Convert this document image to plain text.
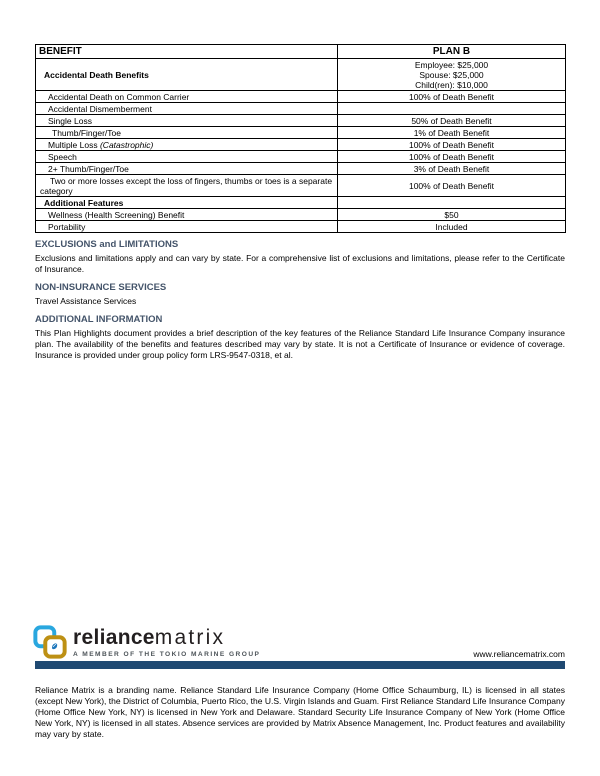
BENEFIT	PLAN B
Accidental Death Benefits	Employee: $25,000
Spouse: $25,000
Child(ren): $10,000

Accidental Death on Common Carrier	100% of Death Benefit
Accidental Dismemberment	
Single Loss	50% of Death Benefit
Thumb/Finger/Toe	1% of Death Benefit
Multiple Loss (Catastrophic)	100% of Death Benefit
Speech	100% of Death Benefit
2+ Thumb/Finger/Toe	3% of Death Benefit
Two or more losses except the loss of fingers, thumbs or toes is a separate category	100% of Death Benefit
Additional Features	
Wellness (Health Screening) Benefit	$50
Portability	Included
EXCLUSIONS and LIMITATIONS

Exclusions and limitations apply and can vary by state. For a comprehensive list of exclusions and limitations, please refer to the Certificate of Insurance.

NON-INSURANCE SERVICES

Travel Assistance Services

ADDITIONAL INFORMATION

This Plan Highlights document provides a brief description of the key features of the Reliance Standard Life Insurance Company insurance plan. The availability of the benefits and features described may vary by state. It is not a Certificate of Insurance or evidence of coverage. Insurance is provided under group policy form LRS-9547-0318, et al.

reliancematrix
A MEMBER OF THE TOKIO MARINE GROUP	www.reliancematrix.com

Reliance Matrix is a branding name. Reliance Standard Life Insurance Company (Home Office Schaumburg, IL) is licensed in all states (except New York), the District of Columbia, Puerto Rico, the U.S. Virgin Islands and Guam. First Reliance Standard Life Insurance Company (Home Office New York, NY) is licensed in New York and Delaware. Standard Security Life Insurance Company of New York (Home Office New York, NY) is licensed in all states. Absence services are provided by Matrix Absence Management, Inc. Product features and availability may vary by state.
